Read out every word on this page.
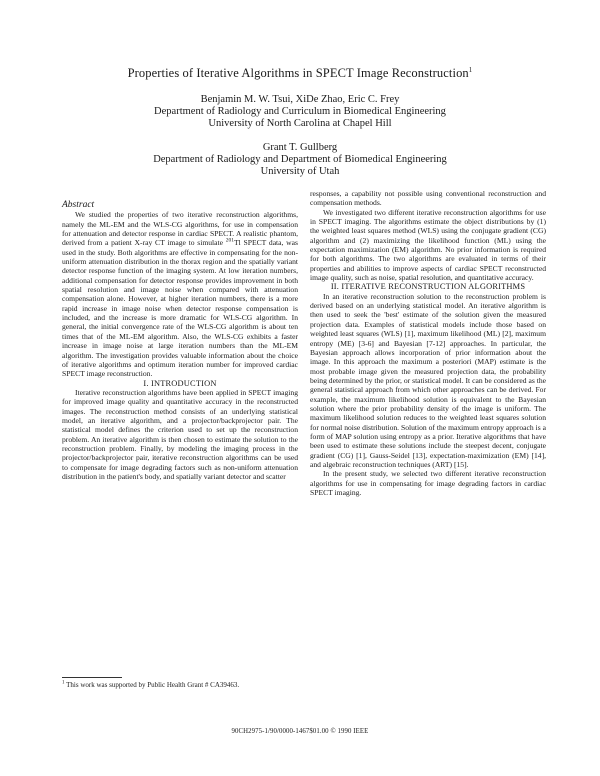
Properties of Iterative Algorithms in SPECT Image Reconstruction$^1$
Benjamin M. W. Tsui, XiDe Zhao, Eric C. Frey
Department of Radiology and Curriculum in Biomedical Engineering
University of North Carolina at Chapel Hill
Grant T. Gullberg
Department of Radiology and Department of Biomedical Engineering
University of Utah

Abstract

We studied the properties of two iterative reconstruction algorithms, namely the ML-EM and the WLS-CG algorithms, for use in compensation for attenuation and detector response in cardiac SPECT. A realistic phantom, derived from a patient X-ray CT image to simulate $^{201}$Tl SPECT data, was used in the study. Both algorithms are effective in compensating for the non-uniform attenuation distribution in the thorax region and the spatially variant detector response function of the imaging system. At low iteration numbers, additional compensation for detector response provides improvement in both spatial resolution and image noise when compared with attenuation compensation alone. However, at higher iteration numbers, there is a more rapid increase in image noise when detector response compensation is included, and the increase is more dramatic for WLS-CG algorithm. In general, the initial convergence rate of the WLS-CG algorithm is about ten times that of the ML-EM algorithm. Also, the WLS-CG exhibits a faster increase in image noise at large iteration numbers than the ML-EM algorithm. The investigation provides valuable information about the choice of iterative algorithms and optimum iteration number for improved cardiac SPECT image reconstruction.

I. INTRODUCTION

Iterative reconstruction algorithms have been applied in SPECT imaging for improved image quality and quantitative accuracy in the reconstructed images. The reconstruction method consists of an underlying statistical model, an iterative algorithm, and a projector/backprojector pair. The statistical model defines the criterion used to set up the reconstruction problem. An iterative algorithm is then chosen to estimate the solution to the reconstruction problem. Finally, by modeling the imaging process in the projector/backprojector pair, iterative reconstruction algorithms can be used to compensate for image degrading factors such as non-uniform attenuation distribution in the patient's body, and spatially variant detector and scatter

responses, a capability not possible using conventional reconstruction and compensation methods.

We investigated two different iterative reconstruction algorithms for use in SPECT imaging. The algorithms estimate the object distributions by (1) the weighted least squares method (WLS) using the conjugate gradient (CG) algorithm and (2) maximizing the likelihood function (ML) using the expectation maximization (EM) algorithm. No prior information is required for both algorithms. The two algorithms are evaluated in terms of their properties and abilities to improve aspects of cardiac SPECT reconstructed image quality, such as noise, spatial resolution, and quantitative accuracy.

II. ITERATIVE RECONSTRUCTION ALGORITHMS

In an iterative reconstruction solution to the reconstruction problem is derived based on an underlying statistical model. An iterative algorithm is then used to seek the 'best' estimate of the solution given the measured projection data. Examples of statistical models include those based on weighted least squares (WLS) [1], maximum likelihood (ML) [2], maximum entropy (ME) [3-6] and Bayesian [7-12] approaches. In particular, the Bayesian approach allows incorporation of prior information about the image. In this approach the maximum a posteriori (MAP) estimate is the most probable image given the measured projection data, the probability being determined by the prior, or statistical model. It can be considered as the general statistical approach from which other approaches can be derived. For example, the maximum likelihood solution is equivalent to the Bayesian solution where the prior probability density of the image is uniform. The maximum likelihood solution reduces to the weighted least squares solution for normal noise distribution. Solution of the maximum entropy approach is a form of MAP solution using entropy as a prior. Iterative algorithms that have been used to estimate these solutions include the steepest decent, conjugate gradient (CG) [1], Gauss-Seidel [13], expectation-maximization (EM) [14], and algebraic reconstruction techniques (ART) [15].

In the present study, we selected two different iterative reconstruction algorithms for use in compensating for image degrading factors in cardiac SPECT imaging.

$^1$ This work was supported by Public Health Grant # CA39463.
90CH2975-1/90/0000-1467$01.00 © 1990 IEEE
